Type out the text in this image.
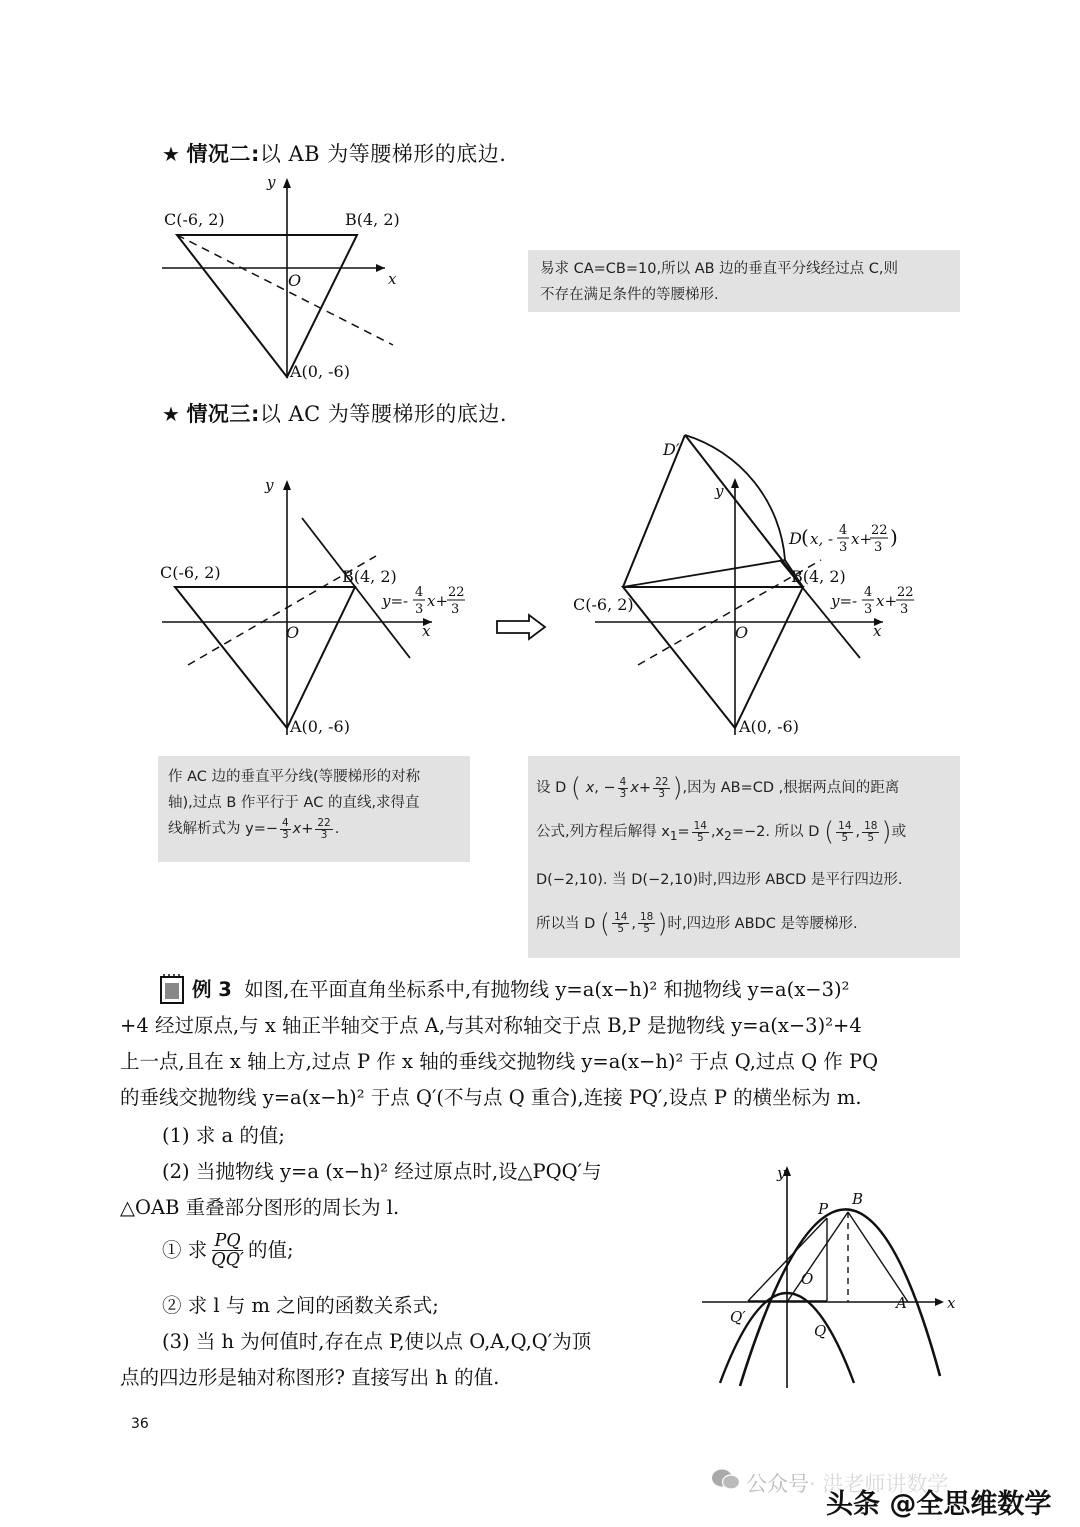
★ 情况二:以 AB 为等腰梯形的底边.
C(-6, 2)	B(4, 2)
A(0, -6)
O	x
y

易求 CA=CB=10,所以 AB 边的垂直平分线经过点 C,则

不存在满足条件的等腰梯形.

★ 情况三:以 AC 为等腰梯形的底边.
C(-6, 2)	B(4, 2)
A(0, -6)
O	x
y
y=- 4
3 x+ 22
3	C(-6, 2)
B(4, 2)
A(0, -6)
O	x
y
D′
D ( x, - 4
3 x+
22
3 )
y=- 4
3 x+ 22
3

作 AC 边的垂直平分线(等腰梯形的对称

轴),过点 B 作平行于 AC 的直线,求得直

线解析式为 $y=- \frac{4}{3} x+ \frac{22}{3}$ .

设 D ( x, − $\frac{4}{3} x+ \frac{22}{3}$ ),因为 AB=CD ,根据两点间的距离

公式,列方程后解得 $x_1= \frac{14}{5} ,x_2=-2$. 所以 D ( $\frac{14}{5}$ , $\frac{18}{5}$ )或

D(−2,10). 当 D(−2,10)时,四边形 ABCD 是平行四边形.

所以当 D ( $\frac{14}{5}$ , $\frac{18}{5}$ )时,四边形 ABDC 是等腰梯形.

例 3 如图,在平面直角坐标系中,有抛物线 y=a(x−h)² 和抛物线 y=a(x−3)²

+4 经过原点,与 x 轴正半轴交于点 A,与其对称轴交于点 B,P 是抛物线 y=a(x−3)²+4

上一点,且在 x 轴上方,过点 P 作 x 轴的垂线交抛物线 y=a(x−h)² 于点 Q,过点 Q 作 PQ

的垂线交抛物线 y=a(x−h)² 于点 Q′(不与点 Q 重合),连接 PQ′,设点 P 的横坐标为 m.

(1) 求 a 的值;

(2) 当抛物线 y=a (x−h)² 经过原点时,设△PQQ′与

△OAB 重叠部分图形的周长为 l.

① 求 $\frac{PQ}{QQ'}$ 的值;

② 求 l 与 m 之间的函数关系式;

(3) 当 h 为何值时,存在点 P,使以点 O,A,Q,Q′为顶

点的四边形是轴对称图形? 直接写出 h 的值.

y
x
P
B
O
A
Q
Q′
36
公众号· 洪老师讲数学
头条 @全思维数学
